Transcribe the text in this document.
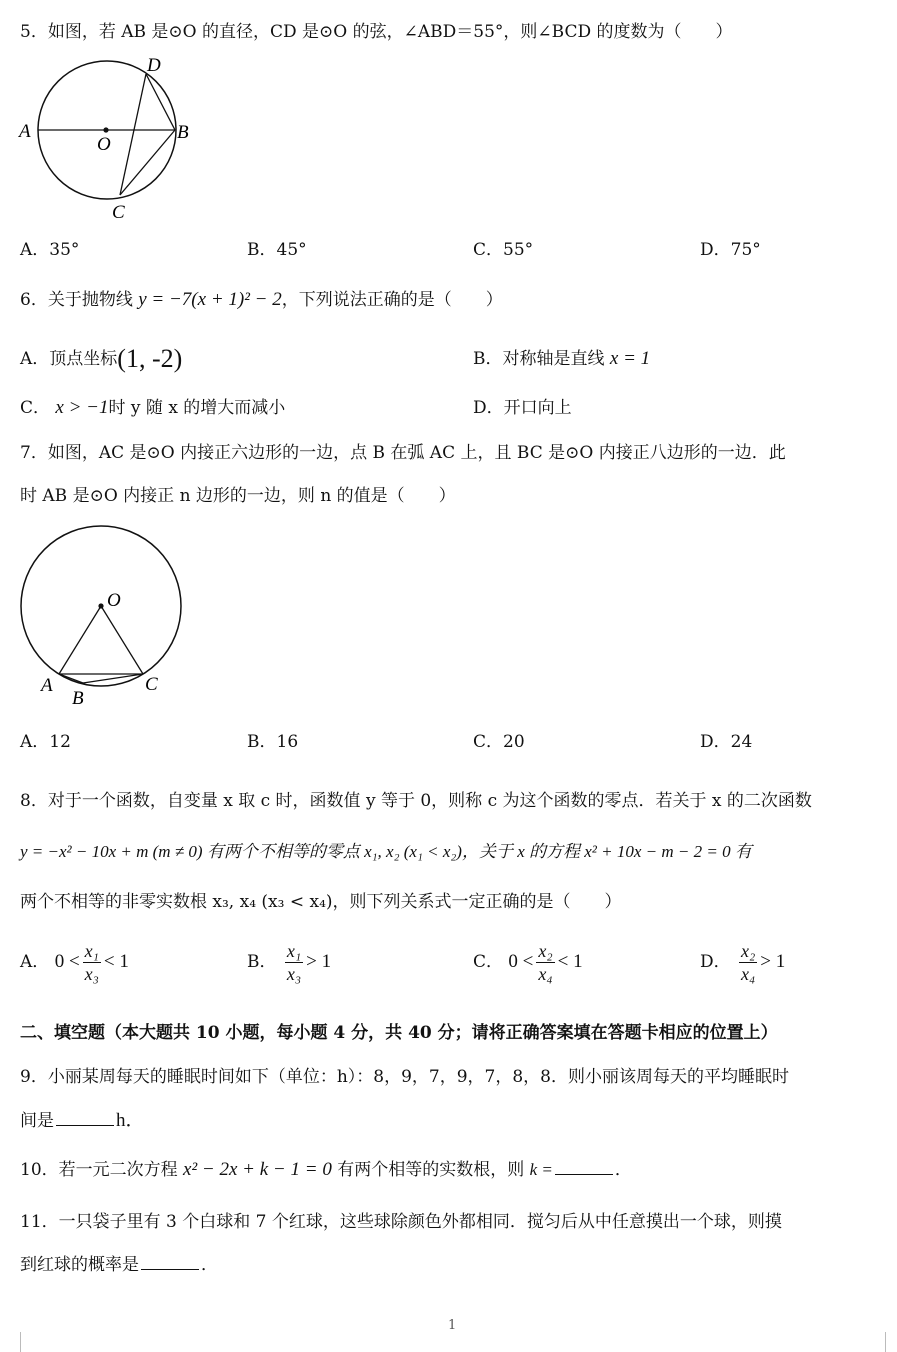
5．如图，若 AB 是⊙O 的直径，CD 是⊙O 的弦，∠ABD＝55°，则∠BCD 的度数为（　　）
A
O
B
D
C
A．35°	B．45°	C．55°	D．75°
6．关于抛物线 y = −7(x + 1)² − 2，下列说法正确的是（　　）
A．顶点坐标(1, -2)	B．对称轴是直线 x = 1
C． x > −1时 y 随 x 的增大而减小	D．开口向上
7．如图，AC 是⊙O 内接正六边形的一边，点 B 在弧 AC 上，且 BC 是⊙O 内接正八边形的一边．此
时 AB 是⊙O 内接正 n 边形的一边，则 n 的值是（　　）
O
A
B
C
A．12	B．16	C．20	D．24
8．对于一个函数，自变量 x 取 c 时，函数值 y 等于 0，则称 c 为这个函数的零点．若关于 x 的二次函数
y = −x² − 10x + m (m ≠ 0) 有两个不相等的零点 x₁, x₂ (x₁ < x₂)，关于 x 的方程 x² + 10x − m − 2 = 0 有
两个不相等的非零实数根 x₃, x₄ (x₃ < x₄)，则下列关系式一定正确的是（　　）
A． $0 < \frac{\text{x₁}}{\text{x₃}} < 1$	B． $\frac{\text{x₁}}{\text{x₃}} > 1$	C． $0 < \frac{\text{x₂}}{\text{x₄}} < 1$	D． $\frac{\text{x₂}}{\text{x₄}} > 1$
二、填空题（本大题共 10 小题，每小题 4 分，共 40 分；请将正确答案填在答题卡相应的位置上）
9．小丽某周每天的睡眠时间如下（单位：h）：8，9，7，9，7，8，8．则小丽该周每天的平均睡眠时
间是	h．
10．若一元二次方程 x² − 2x + k − 1 = 0 有两个相等的实数根，则 k =	．
11．一只袋子里有 3 个白球和 7 个红球，这些球除颜色外都相同．搅匀后从中任意摸出一个球，则摸
到红球的概率是	．
1
